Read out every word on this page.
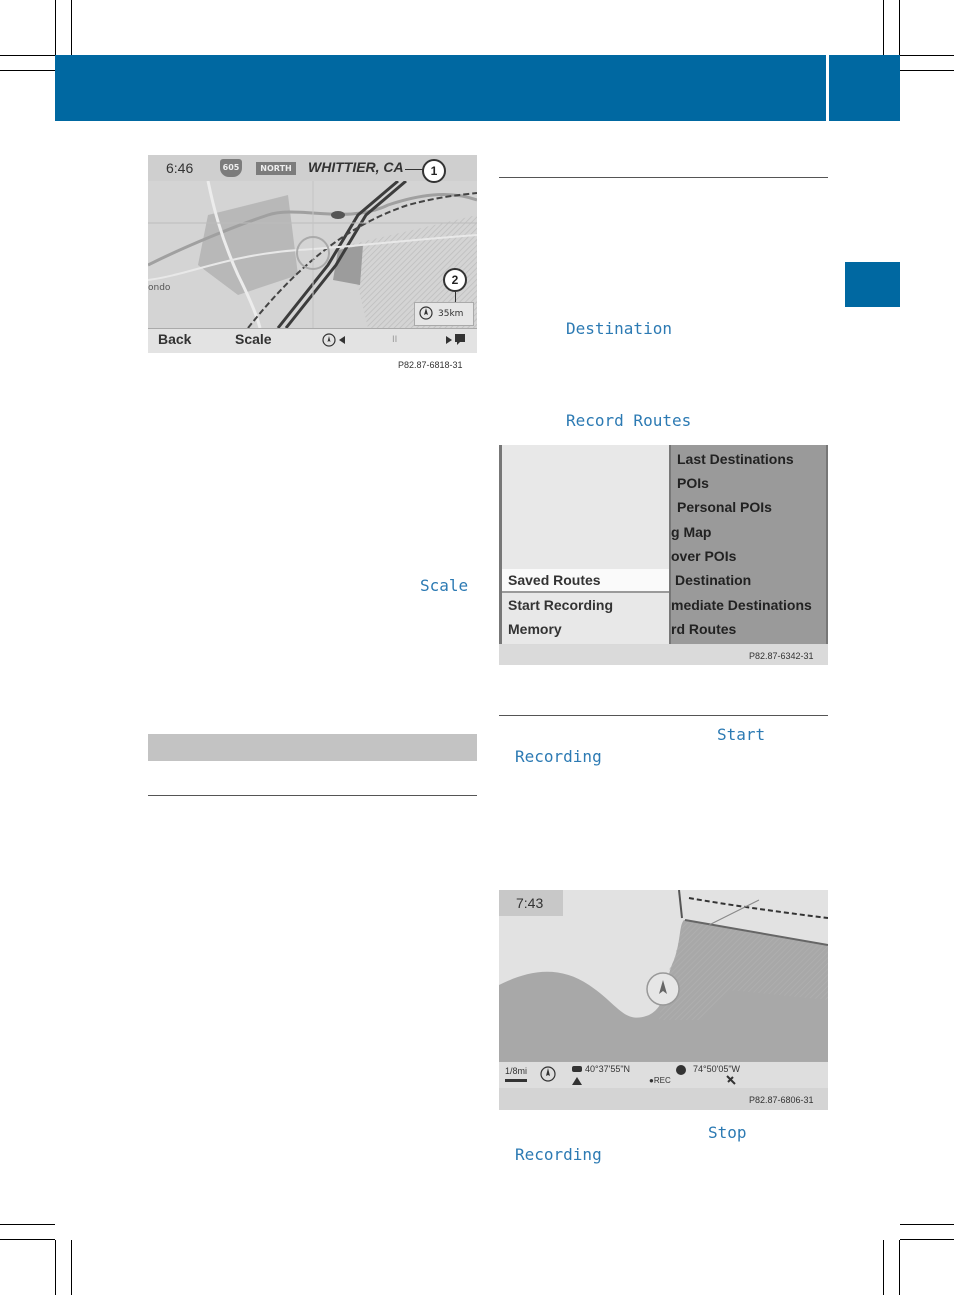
6:46	605	NORTH	WHITTIER, CA	1
ondo
2
35km
Back	Scale	II
P82.87-6818-31
Scale
Destination
Record Routes
Saved Routes
Start Recording
Memory
Last Destinations
POIs
Personal POIs
g Map
over POIs
Destination
mediate Destinations
rd Routes
P82.87-6342-31
Start
Recording
7:43
1/8mi	40°37'55"N	74°50'05"W
●REC
P82.87-6806-31
Stop
Recording
